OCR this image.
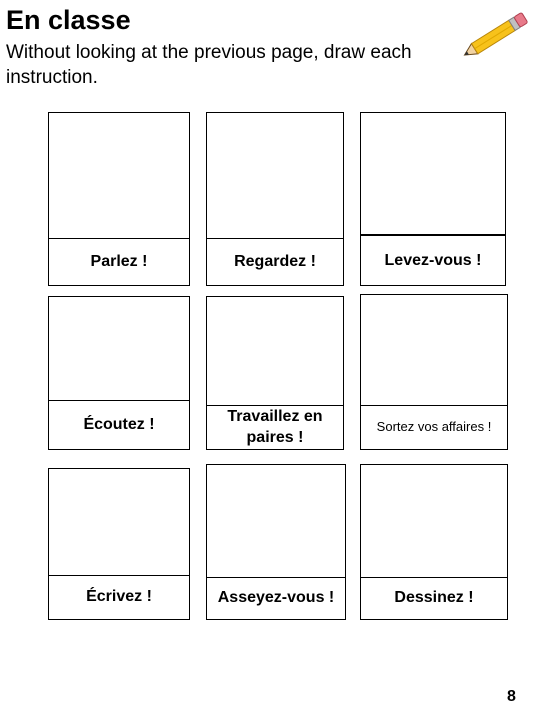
En classe
Without looking at the previous page, draw each instruction.
Parlez !	Regardez !	Levez-vous !
Écoutez !	Travaillez en paires !
Sortez vos affaires !
Écrivez !	Asseyez-vous !	Dessinez !
8
